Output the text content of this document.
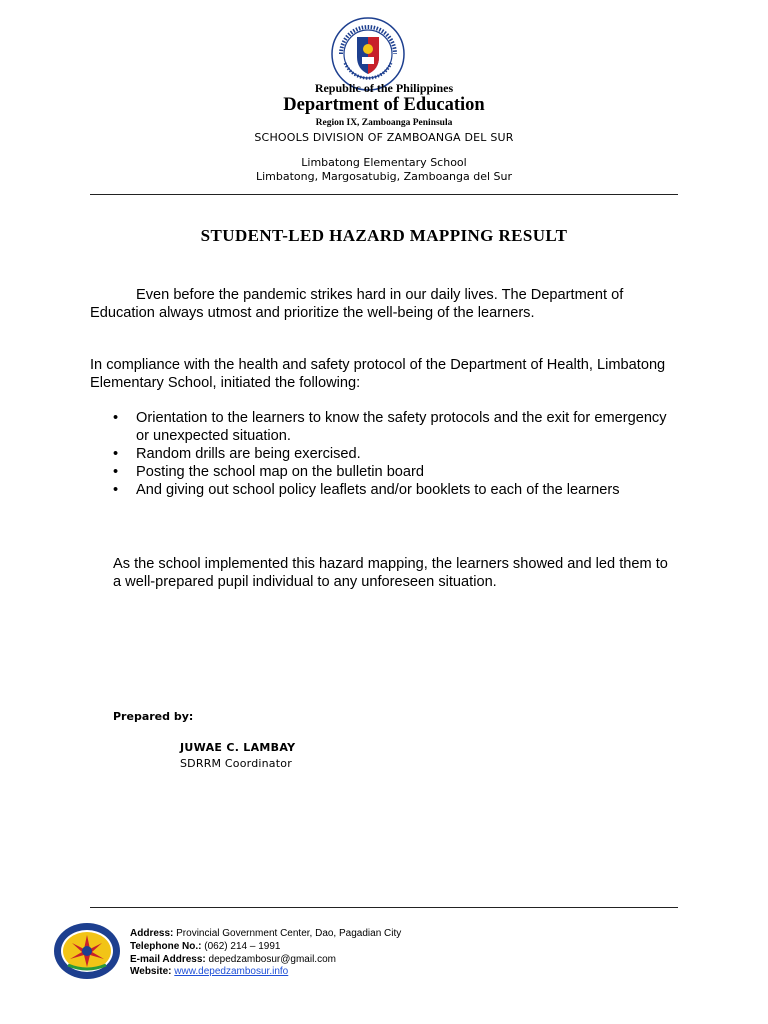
Republic of the Philippines
Department of Education
Region IX, Zamboanga Peninsula
SCHOOLS DIVISION OF ZAMBOANGA DEL SUR
Limbatong Elementary School
Limbatong, Margosatubig, Zamboanga del Sur
STUDENT-LED HAZARD MAPPING RESULT
Even before the pandemic strikes hard in our daily lives. The Department of Education always utmost and prioritize the well-being of the learners.
In compliance with the health and safety protocol of the Department of Health, Limbatong Elementary School, initiated the following:
• Orientation to the learners to know the safety protocols and the exit for emergency or unexpected situation.
• Random drills are being exercised.
• Posting the school map on the bulletin board
• And giving out school policy leaflets and/or booklets to each of the learners
As the school implemented this hazard mapping, the learners showed and led them to a well-prepared pupil individual to any unforeseen situation.
Prepared by:
JUWAE C. LAMBAY
SDRRM Coordinator
Address: Provincial Government Center, Dao, Pagadian City
Telephone No.: (062) 214 – 1991
E-mail Address: depedzambosur@gmail.com
Website: www.depedzambosur.info
